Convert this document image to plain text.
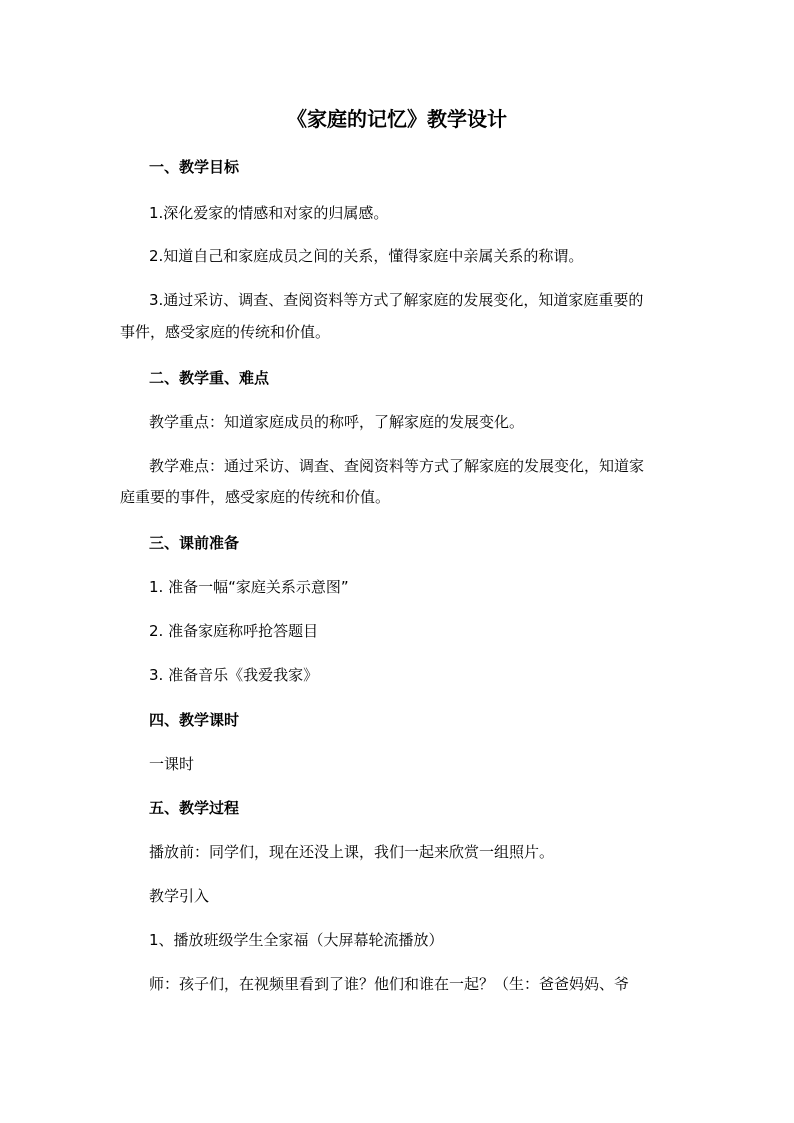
《家庭的记忆》教学设计
一、教学目标
1.深化爱家的情感和对家的归属感。
2.知道自己和家庭成员之间的关系，懂得家庭中亲属关系的称谓。
3.通过采访、调查、查阅资料等方式了解家庭的发展变化，知道家庭重要的
事件，感受家庭的传统和价值。
二、教学重、难点
教学重点：知道家庭成员的称呼，了解家庭的发展变化。
教学难点：通过采访、调查、查阅资料等方式了解家庭的发展变化，知道家
庭重要的事件，感受家庭的传统和价值。
三、课前准备
1. 准备一幅“家庭关系示意图”
2. 准备家庭称呼抢答题目
3. 准备音乐《我爱我家》
四、教学课时
一课时
五、教学过程
播放前：同学们，现在还没上课，我们一起来欣赏一组照片。
教学引入
1、播放班级学生全家福（大屏幕轮流播放）
师：孩子们，在视频里看到了谁？他们和谁在一起？（生：爸爸妈妈、爷
